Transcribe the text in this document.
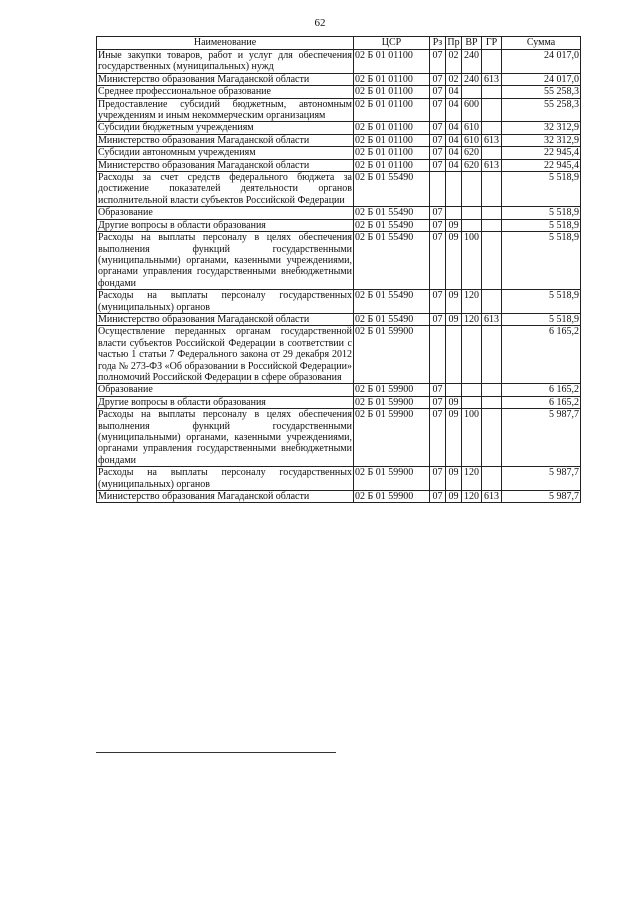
62
Наименование	ЦСР	Рз	Пр	ВР	ГР	Сумма
Иные закупки товаров, работ и услуг для обеспечения государственных (муниципальных) нужд	02 Б 01 01100	07	02	240		24 017,0
Министерство образования Магаданской области	02 Б 01 01100	07	02	240	613	24 017,0
Среднее профессиональное образование	02 Б 01 01100	07	04			55 258,3
Предоставление субсидий бюджетным, автономным учреждениям и иным некоммерческим организациям	02 Б 01 01100	07	04	600		55 258,3
Субсидии бюджетным учреждениям	02 Б 01 01100	07	04	610		32 312,9
Министерство образования Магаданской области	02 Б 01 01100	07	04	610	613	32 312,9
Субсидии автономным учреждениям	02 Б 01 01100	07	04	620		22 945,4
Министерство образования Магаданской области	02 Б 01 01100	07	04	620	613	22 945,4
Расходы за счет средств федерального бюджета за достижение показателей деятельности органов исполнительной власти субъектов Российской Федерации	02 Б 01 55490					5 518,9
Образование	02 Б 01 55490	07				5 518,9
Другие вопросы в области образования	02 Б 01 55490	07	09			5 518,9
Расходы на выплаты персоналу в целях обеспечения выполнения функций государственными (муниципальными) органами, казенными учреждениями, органами управления государственными внебюджетными фондами	02 Б 01 55490	07	09	100		5 518,9
Расходы на выплаты персоналу государственных (муниципальных) органов	02 Б 01 55490	07	09	120		5 518,9
Министерство образования Магаданской области	02 Б 01 55490	07	09	120	613	5 518,9
Осуществление переданных органам государственной власти субъектов Российской Федерации в соответствии с частью 1 статьи 7 Федерального закона от 29 декабря 2012 года № 273-ФЗ «Об образовании в Российской Федерации» полномочий Российской Федерации в сфере образования	02 Б 01 59900					6 165,2
Образование	02 Б 01 59900	07				6 165,2
Другие вопросы в области образования	02 Б 01 59900	07	09			6 165,2
Расходы на выплаты персоналу в целях обеспечения выполнения функций государственными (муниципальными) органами, казенными учреждениями, органами управления государственными внебюджетными фондами	02 Б 01 59900	07	09	100		5 987,7
Расходы на выплаты персоналу государственных (муниципальных) органов	02 Б 01 59900	07	09	120		5 987,7
Министерство образования Магаданской области	02 Б 01 59900	07	09	120	613	5 987,7
